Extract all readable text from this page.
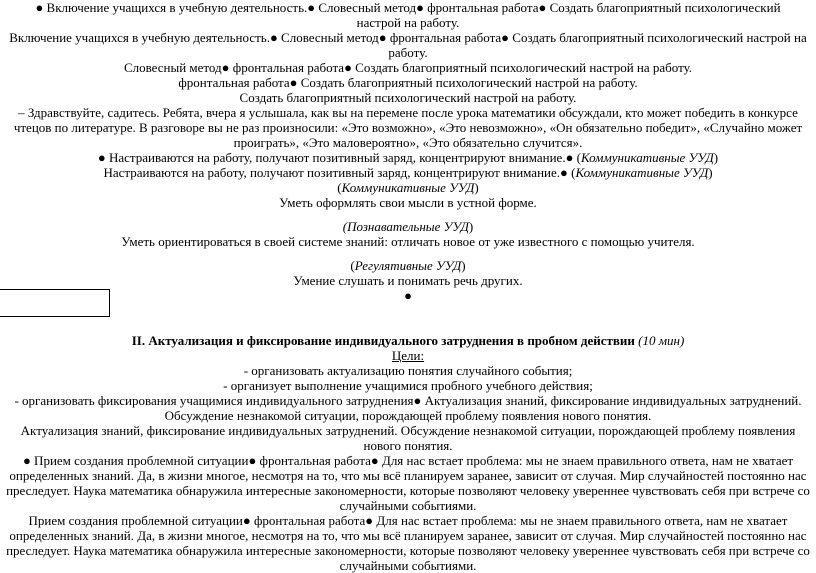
● Включение учащихся в учебную деятельность.● Словесный метод● фронтальная работа● Создать благоприятный психологический настрой на работу.

Включение учащихся в учебную деятельность.● Словесный метод● фронтальная работа● Создать благоприятный психологический настрой на работу.

Словесный метод● фронтальная работа● Создать благоприятный психологический настрой на работу.

фронтальная работа● Создать благоприятный психологический настрой на работу.

Создать благоприятный психологический настрой на работу.

– Здравствуйте, садитесь. Ребята, вчера я услышала, как вы на перемене после урока математики обсуждали, кто может победить в конкурсе чтецов по литературе. В разговоре вы не раз произносили: «Это возможно», «Это невозможно», «Он обязательно победит», «Случайно может проиграть», «Это маловероятно», «Это обязательно случится».

● Настраиваются на работу, получают позитивный заряд, концентрируют внимание.● (Коммуникативные УУД)

Настраиваются на работу, получают позитивный заряд, концентрируют внимание.● (Коммуникативные УУД)

(Коммуникативные УУД)

Уметь оформлять свои мысли в устной форме.

(Познавательные УУД)

Уметь ориентироваться в своей системе знаний: отличать новое от уже известного с помощью учителя.

(Регулятивные УУД)

Умение слушать и понимать речь других.

●

II. Актуализация и фиксирование индивидуального затруднения в пробном действии (10 мин)

Цели:

- организовать актуализацию понятия случайного события;

- организует выполнение учащимися пробного учебного действия;

- организовать фиксирования учащимися индивидуального затруднения● Актуализация знаний, фиксирование индивидуальных затруднений. Обсуждение незнакомой ситуации, порождающей проблему появления нового понятия.

Актуализация знаний, фиксирование индивидуальных затруднений. Обсуждение незнакомой ситуации, порождающей проблему появления нового понятия.

● Прием создания проблемной ситуации● фронтальная работа● Для нас встает проблема: мы не знаем правильного ответа, нам не хватает определенных знаний. Да, в жизни многое, несмотря на то, что мы всё планируем заранее, зависит от случая. Мир случайностей постоянно нас преследует. Наука математика обнаружила интересные закономерности, которые позволяют человеку увереннее чувствовать себя при встрече со случайными событиями.

Прием создания проблемной ситуации● фронтальная работа● Для нас встает проблема: мы не знаем правильного ответа, нам не хватает определенных знаний. Да, в жизни многое, несмотря на то, что мы всё планируем заранее, зависит от случая. Мир случайностей постоянно нас преследует. Наука математика обнаружила интересные закономерности, которые позволяют человеку увереннее чувствовать себя при встрече со случайными событиями.
